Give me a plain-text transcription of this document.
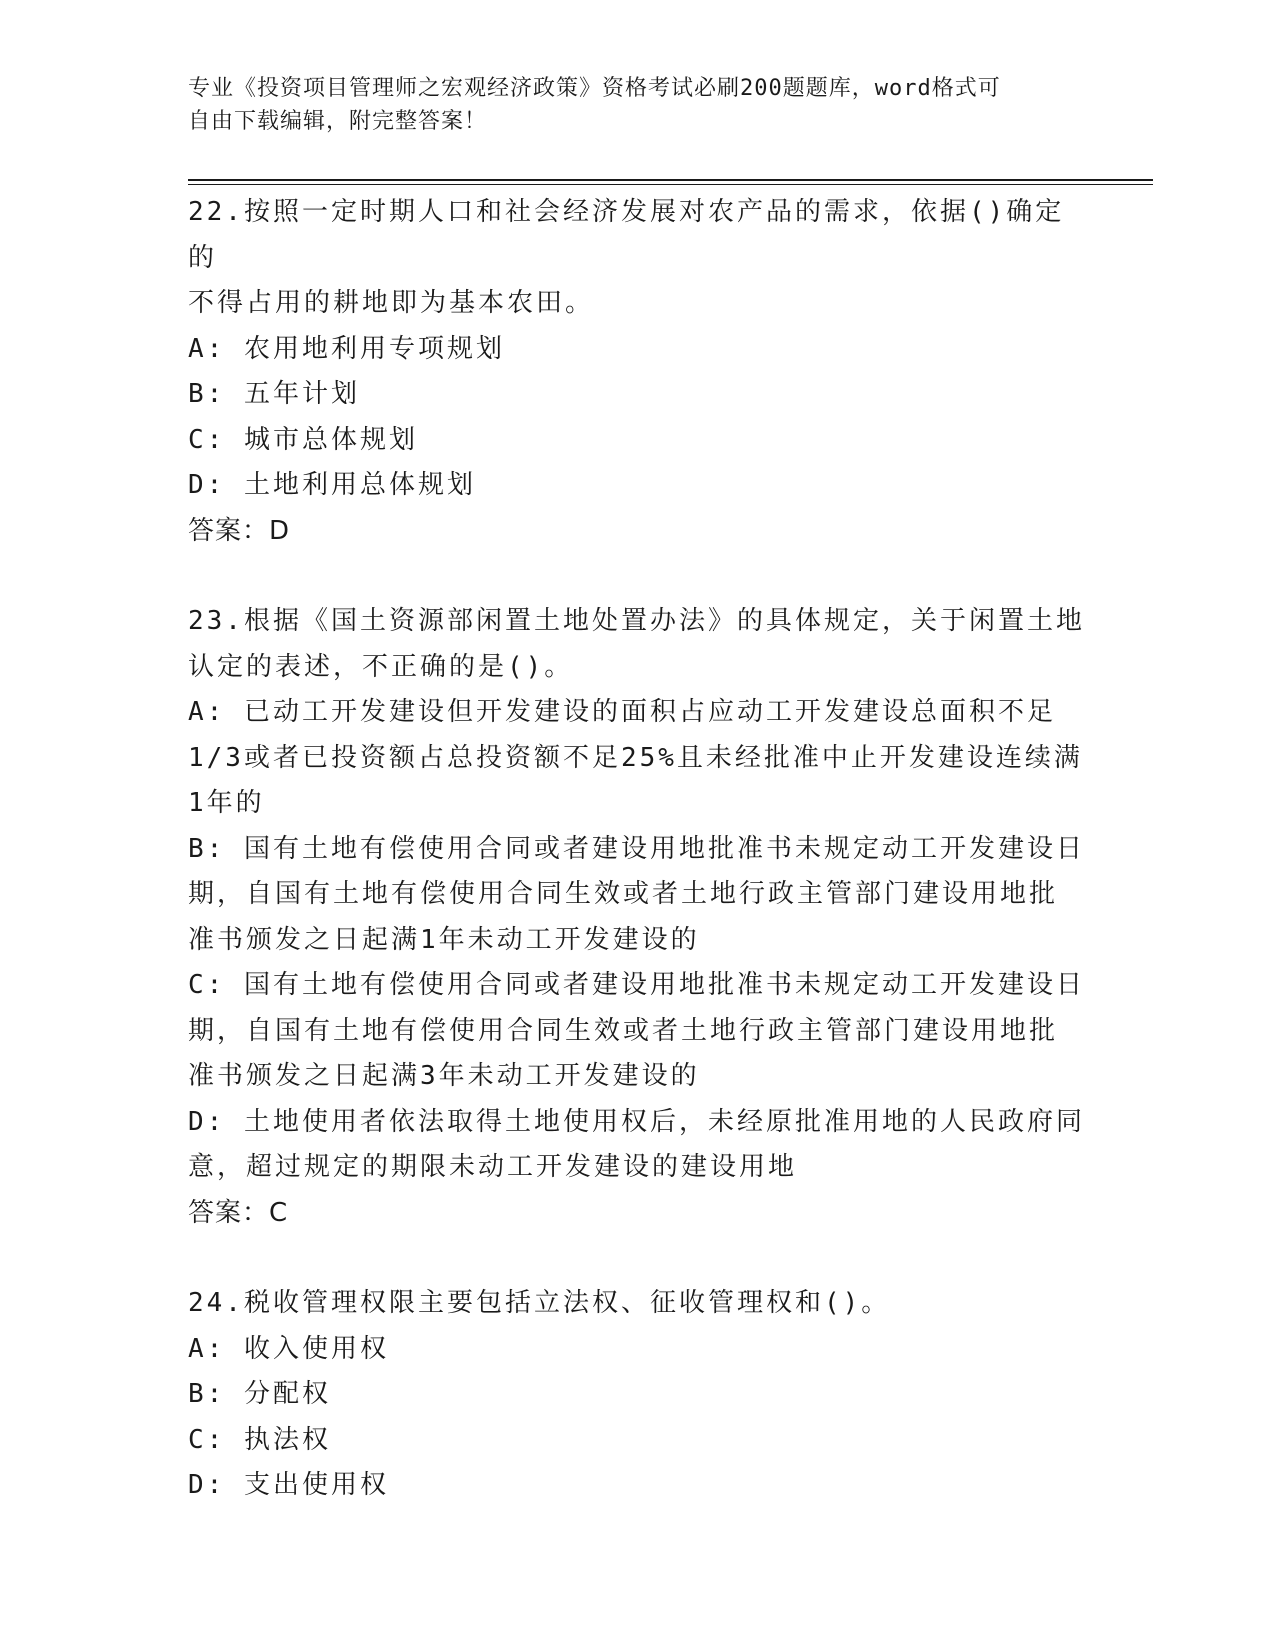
专业《投资项目管理师之宏观经济政策》资格考试必刷200题题库，word格式可
自由下载编辑，附完整答案！
22.按照一定时期人口和社会经济发展对农产品的需求，依据()确定的
不得占用的耕地即为基本农田。
A: 农用地利用专项规划
B: 五年计划
C: 城市总体规划
D: 土地利用总体规划
答案：D
23.根据《国土资源部闲置土地处置办法》的具体规定，关于闲置土地
认定的表述，不正确的是()。
A: 已动工开发建设但开发建设的面积占应动工开发建设总面积不足
1/3或者已投资额占总投资额不足25%且未经批准中止开发建设连续满
1年的
B: 国有土地有偿使用合同或者建设用地批准书未规定动工开发建设日
期，自国有土地有偿使用合同生效或者土地行政主管部门建设用地批
准书颁发之日起满1年未动工开发建设的
C: 国有土地有偿使用合同或者建设用地批准书未规定动工开发建设日
期，自国有土地有偿使用合同生效或者土地行政主管部门建设用地批
准书颁发之日起满3年未动工开发建设的
D: 土地使用者依法取得土地使用权后，未经原批准用地的人民政府同
意，超过规定的期限未动工开发建设的建设用地
答案：C
24.税收管理权限主要包括立法权、征收管理权和()。
A: 收入使用权
B: 分配权
C: 执法权
D: 支出使用权
